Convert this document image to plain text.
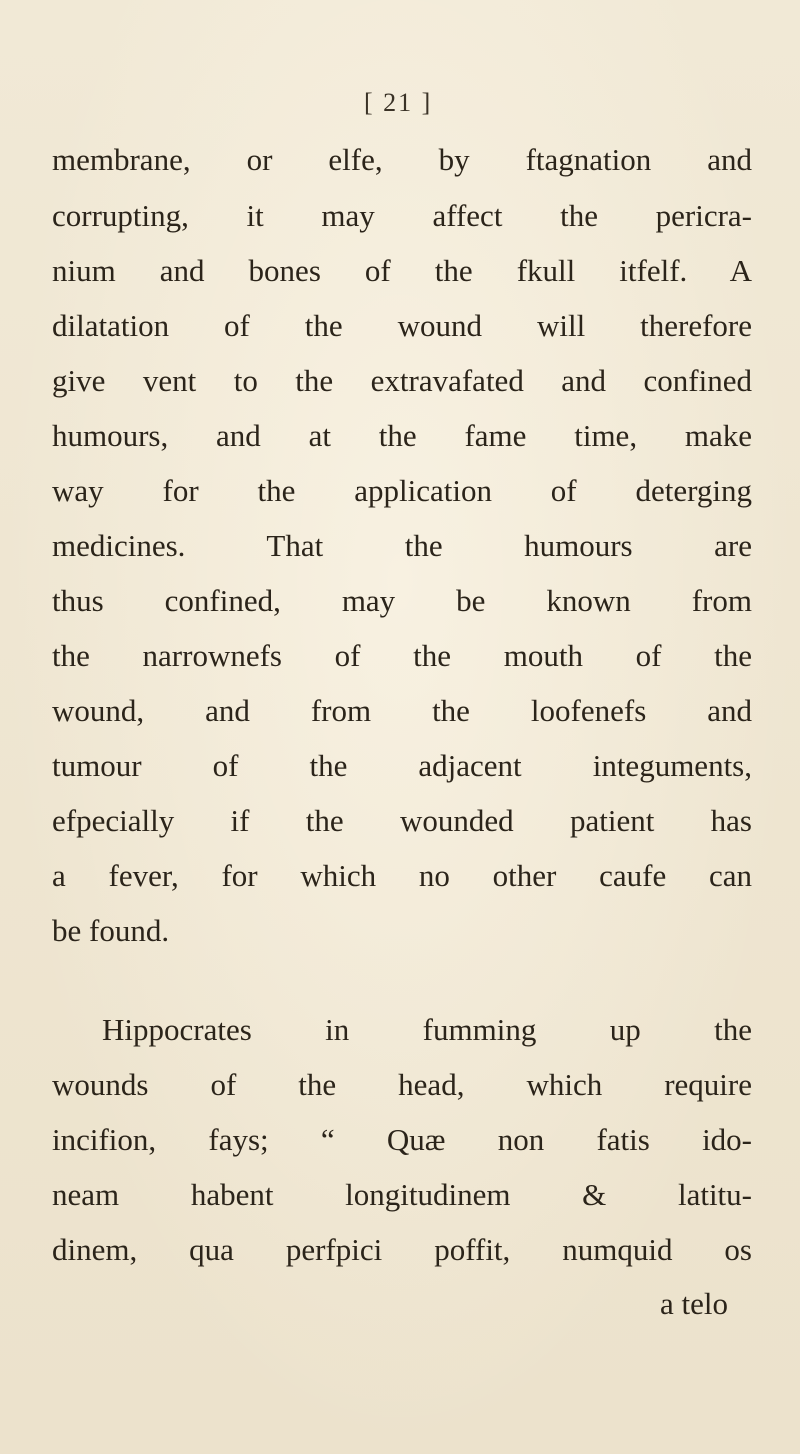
[ 21 ]
membrane, or elfe, by ftagnation and
corrupting, it may affect the pericra-
nium and bones of the fkull itfelf. A
dilatation of the wound will therefore
give vent to the extravafated and confined
humours, and at the fame time, make
way for the application of deterging
medicines. That the humours are
thus confined, may be known from
the narrownefs of the mouth of the
wound, and from the loofenefs and
tumour of the adjacent integuments,
efpecially if the wounded patient has
a fever, for which no other caufe can
be found.
Hippocrates in fumming up the
wounds of the head, which require
incifion, fays; “ Quæ non fatis ido-
neam habent longitudinem & latitu-
dinem, qua perfpici poffit, numquid os
a telo
